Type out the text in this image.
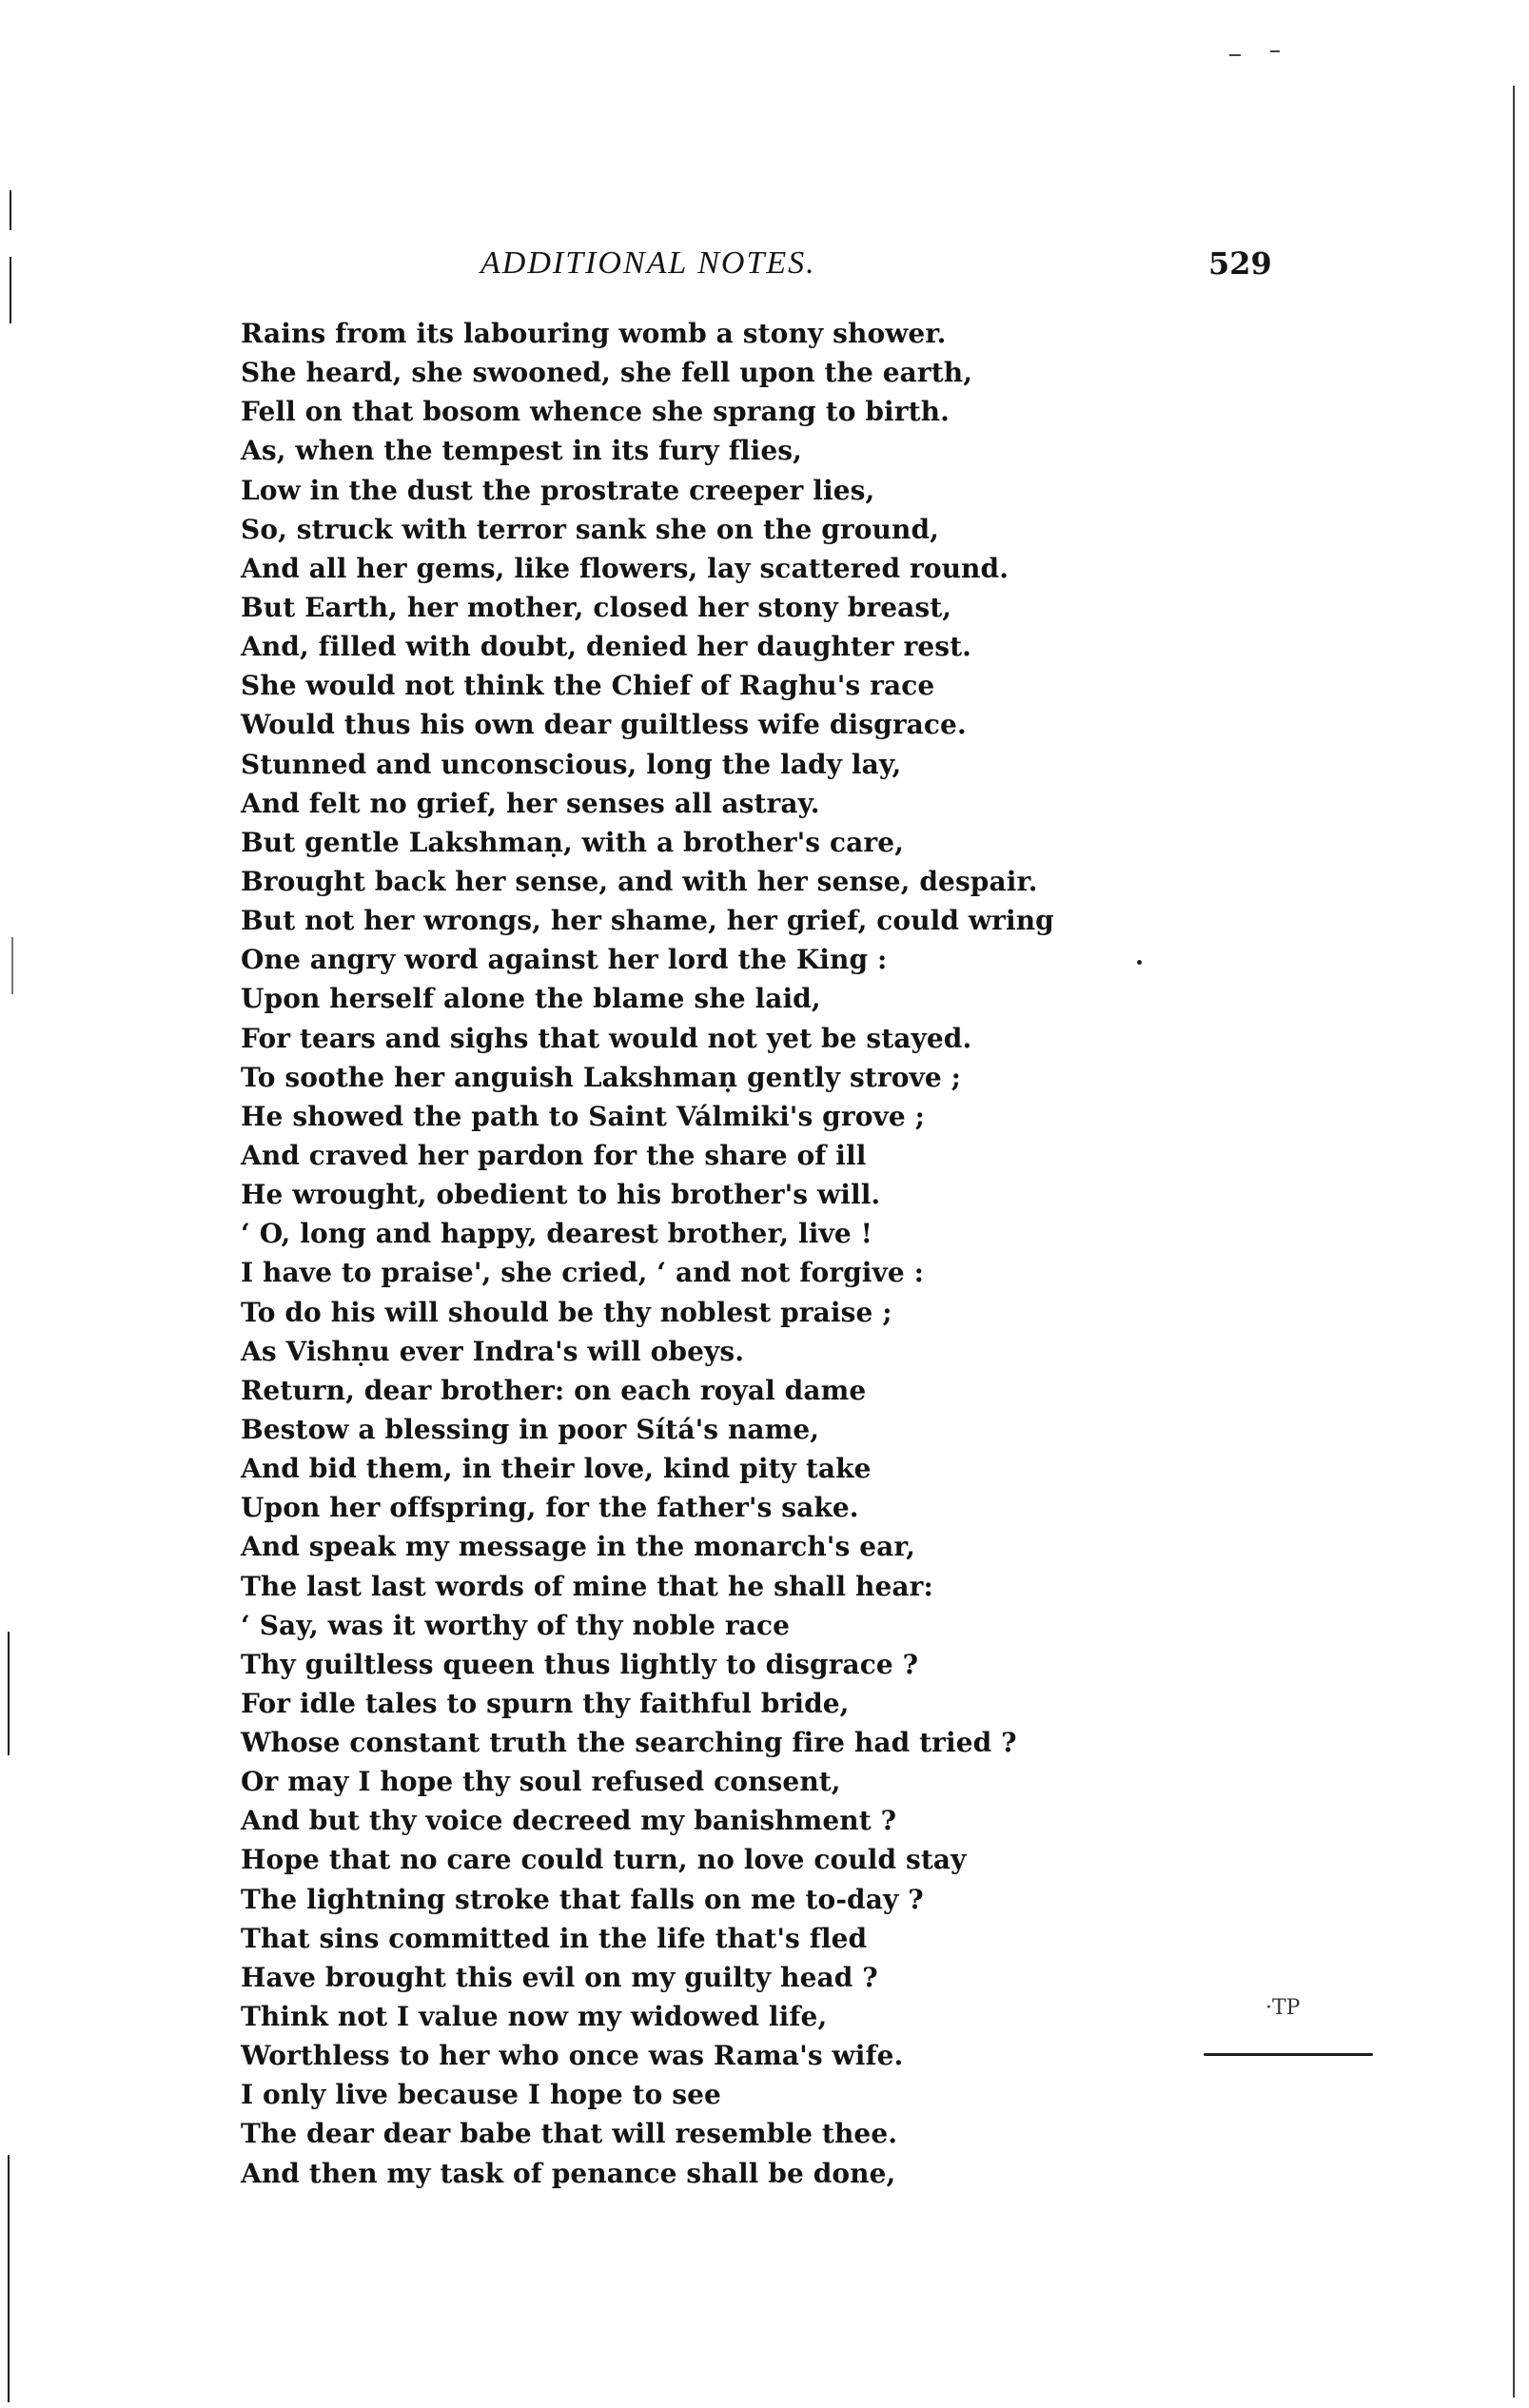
ADDITIONAL NOTES.	529
Rains from its labouring womb a stony shower.
She heard, she swooned, she fell upon the earth,
Fell on that bosom whence she sprang to birth.
As, when the tempest in its fury flies,
Low in the dust the prostrate creeper lies,
So, struck with terror sank she on the ground,
And all her gems, like flowers, lay scattered round.
But Earth, her mother, closed her stony breast,
And, filled with doubt, denied her daughter rest.
She would not think the Chief of Raghu's race
Would thus his own dear guiltless wife disgrace.
Stunned and unconscious, long the lady lay,
And felt no grief, her senses all astray.
But gentle Lakshmaṇ, with a brother's care,
Brought back her sense, and with her sense, despair.
But not her wrongs, her shame, her grief, could wring
One angry word against her lord the King :
Upon herself alone the blame she laid,
For tears and sighs that would not yet be stayed.
To soothe her anguish Lakshmaṇ gently strove ;
He showed the path to Saint Válmiki's grove ;
And craved her pardon for the share of ill
He wrought, obedient to his brother's will.
‘ O, long and happy, dearest brother, live !
I have to praise', she cried, ‘ and not forgive :
To do his will should be thy noblest praise ;
As Vishṇu ever Indra's will obeys.
Return, dear brother: on each royal dame
Bestow a blessing in poor Sítá's name,
And bid them, in their love, kind pity take
Upon her offspring, for the father's sake.
And speak my message in the monarch's ear,
The last last words of mine that he shall hear:
‘ Say, was it worthy of thy noble race
Thy guiltless queen thus lightly to disgrace ?
For idle tales to spurn thy faithful bride,
Whose constant truth the searching fire had tried ?
Or may I hope thy soul refused consent,
And but thy voice decreed my banishment ?
Hope that no care could turn, no love could stay
The lightning stroke that falls on me to-day ?
That sins committed in the life that's fled
Have brought this evil on my guilty head ?
Think not I value now my widowed life,
Worthless to her who once was Rama's wife.
I only live because I hope to see
The dear dear babe that will resemble thee.
And then my task of penance shall be done,
·ΤΡ
